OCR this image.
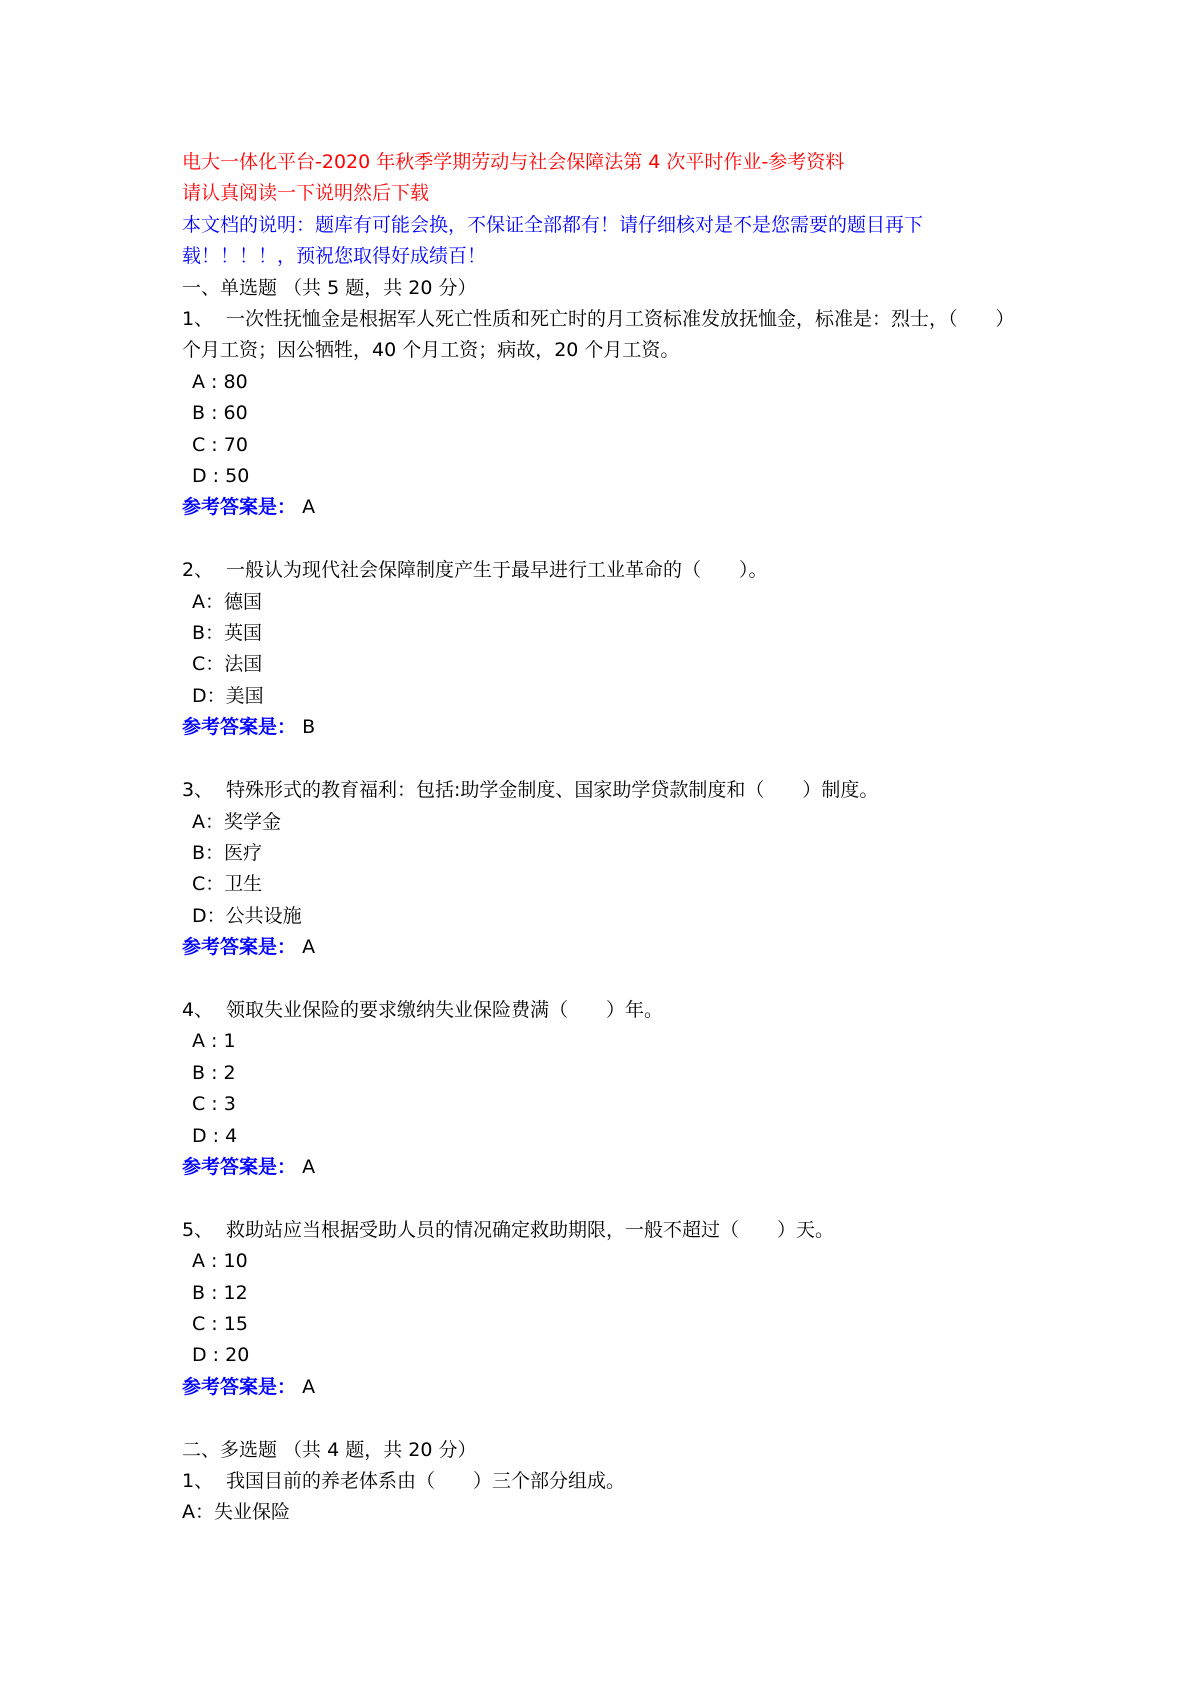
电大一体化平台-2020 年秋季学期劳动与社会保障法第 4 次平时作业-参考资料
请认真阅读一下说明然后下载
本文档的说明：题库有可能会换，不保证全部都有！请仔细核对是不是您需要的题目再下载！！！！，预祝您取得好成绩百！
一、单选题 （共 5 题，共 20 分）
1、 一次性抚恤金是根据军人死亡性质和死亡时的月工资标准发放抚恤金，标准是：烈士，（　　）个月工资；因公牺牲，40 个月工资；病故，20 个月工资。
A : 80
B : 60
C : 70
D : 50
参考答案是： A
2、 一般认为现代社会保障制度产生于最早进行工业革命的（　　）。
A：德国
B：英国
C：法国
D：美国
参考答案是： B
3、 特殊形式的教育福利：包括:助学金制度、国家助学贷款制度和（　　）制度。
A：奖学金
B：医疗
C：卫生
D：公共设施
参考答案是： A
4、 领取失业保险的要求缴纳失业保险费满（　　）年。
A : 1
B : 2
C : 3
D : 4
参考答案是： A
5、 救助站应当根据受助人员的情况确定救助期限，一般不超过（　　）天。
A : 10
B : 12
C : 15
D : 20
参考答案是： A
二、多选题 （共 4 题，共 20 分）
1、 我国目前的养老体系由（　　）三个部分组成。
A：失业保险
